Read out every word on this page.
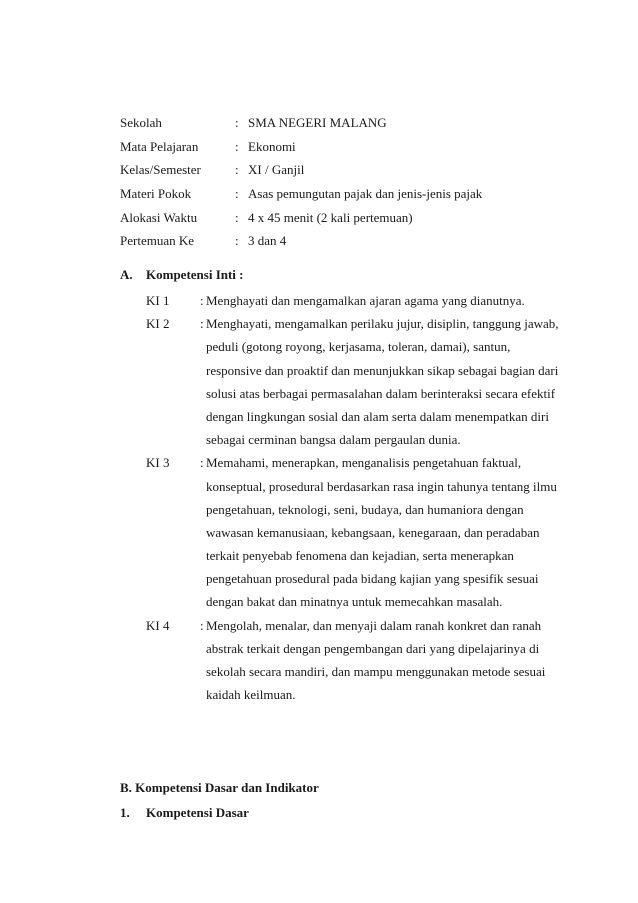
Sekolah	: SMA NEGERI MALANG
Mata Pelajaran	: Ekonomi
Kelas/Semester	: XI / Ganjil
Materi Pokok	: Asas pemungutan pajak dan jenis-jenis pajak
Alokasi Waktu	: 4 x 45 menit (2 kali pertemuan)
Pertemuan Ke	: 3 dan 4
A. Kompetensi Inti :
KI 1 : Menghayati dan mengamalkan ajaran agama yang dianutnya.
KI 2 : Menghayati, mengamalkan perilaku jujur, disiplin, tanggung jawab,
peduli (gotong royong, kerjasama, toleran, damai), santun,
responsive dan proaktif dan menunjukkan sikap sebagai bagian dari
solusi atas berbagai permasalahan dalam berinteraksi secara efektif
dengan lingkungan sosial dan alam serta dalam menempatkan diri
sebagai cerminan bangsa dalam pergaulan dunia.
KI 3 : Memahami, menerapkan, menganalisis pengetahuan faktual,
konseptual, prosedural berdasarkan rasa ingin tahunya tentang ilmu
pengetahuan, teknologi, seni, budaya, dan humaniora dengan
wawasan kemanusiaan, kebangsaan, kenegaraan, dan peradaban
terkait penyebab fenomena dan kejadian, serta menerapkan
pengetahuan prosedural pada bidang kajian yang spesifik sesuai
dengan bakat dan minatnya untuk memecahkan masalah.
KI 4 : Mengolah, menalar, dan menyaji dalam ranah konkret dan ranah
abstrak terkait dengan pengembangan dari yang dipelajarinya di
sekolah secara mandiri, dan mampu menggunakan metode sesuai
kaidah keilmuan.
B. Kompetensi Dasar dan Indikator
1. Kompetensi Dasar
